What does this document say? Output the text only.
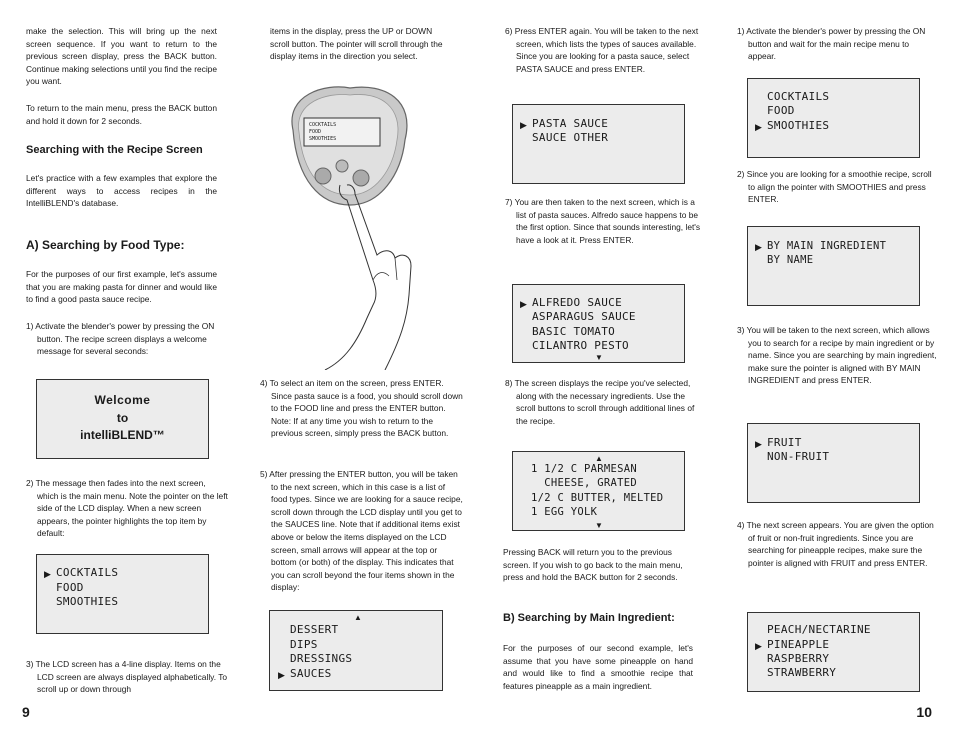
make the selection. This will bring up the next screen sequence. If you want to return to the previous screen display, press the BACK button. Continue making selections until you find the recipe you want.

To return to the main menu, press the BACK button and hold it down for 2 seconds.

Searching with the Recipe Screen

Let's practice with a few examples that explore the different ways to access recipes in the IntelliBLEND's database.

A) Searching by Food Type:

For the purposes of our first example, let's assume that you are making pasta for dinner and would like to find a good pasta sauce recipe.

1) Activate the blender's power by pressing the ON button. The recipe screen displays a welcome message for several seconds:

Welcome
to
intelliBLEND™

2) The message then fades into the next screen, which is the main menu. Note the pointer on the left side of the LCD display. When a new screen appears, the pointer highlights the top item by default:

▶ COCKTAILS
FOOD
SMOOTHIES

3) The LCD screen has a 4-line display. Items on the LCD screen are always displayed alphabetically. To scroll up or down through

9

items in the display, press the UP or DOWN scroll button. The pointer will scroll through the display items in the direction you select.

COCKTAILS
FOOD
SMOOTHIES

4) To select an item on the screen, press ENTER. Since pasta sauce is a food, you should scroll down to the FOOD line and press the ENTER button. Note: If at any time you wish to return to the previous screen, simply press the BACK button.

5) After pressing the ENTER button, you will be taken to the next screen, which in this case is a list of food types. Since we are looking for a sauce recipe, scroll down through the LCD display until you get to the SAUCES line. Note that if additional items exist above or below the items displayed on the LCD screen, small arrows will appear at the top or bottom (or both) of the display. This indicates that you can scroll beyond the four items shown in the display:

▲
DESSERT
DIPS
DRESSINGS
▶ SAUCES

6) Press ENTER again. You will be taken to the next screen, which lists the types of sauces available. Since you are looking for a pasta sauce, select PASTA SAUCE and press ENTER.

▶ PASTA SAUCE
SAUCE OTHER

7) You are then taken to the next screen, which is a list of pasta sauces. Alfredo sauce happens to be the first option. Since that sounds interesting, let's have a look at it. Press ENTER.

▶ ALFREDO SAUCE
ASPARAGUS SAUCE
BASIC TOMATO
CILANTRO PESTO
▼

8) The screen displays the recipe you've selected, along with the necessary ingredients. Use the scroll buttons to scroll through additional lines of the recipe.

▲
1 1/2 C PARMESAN
CHEESE, GRATED
1/2 C BUTTER, MELTED
1 EGG YOLK
▼

Pressing BACK will return you to the previous screen. If you wish to go back to the main menu, press and hold the BACK button for 2 seconds.

B) Searching by Main Ingredient:

For the purposes of our second example, let's assume that you have some pineapple on hand and would like to find a smoothie recipe that features pineapple as a main ingredient.

1) Activate the blender's power by pressing the ON button and wait for the main recipe menu to appear.

COCKTAILS
FOOD
▶ SMOOTHIES

2) Since you are looking for a smoothie recipe, scroll to align the pointer with SMOOTHIES and press ENTER.

▶ BY MAIN INGREDIENT
BY NAME

3) You will be taken to the next screen, which allows you to search for a recipe by main ingredient or by name. Since you are searching by main ingredient, make sure the pointer is aligned with BY MAIN INGREDIENT and press ENTER.

▶ FRUIT
NON-FRUIT

4) The next screen appears. You are given the option of fruit or non-fruit ingredients. Since you are searching for pineapple recipes, make sure the pointer is aligned with FRUIT and press ENTER.

PEACH/NECTARINE
▶ PINEAPPLE
RASPBERRY
STRAWBERRY
10
